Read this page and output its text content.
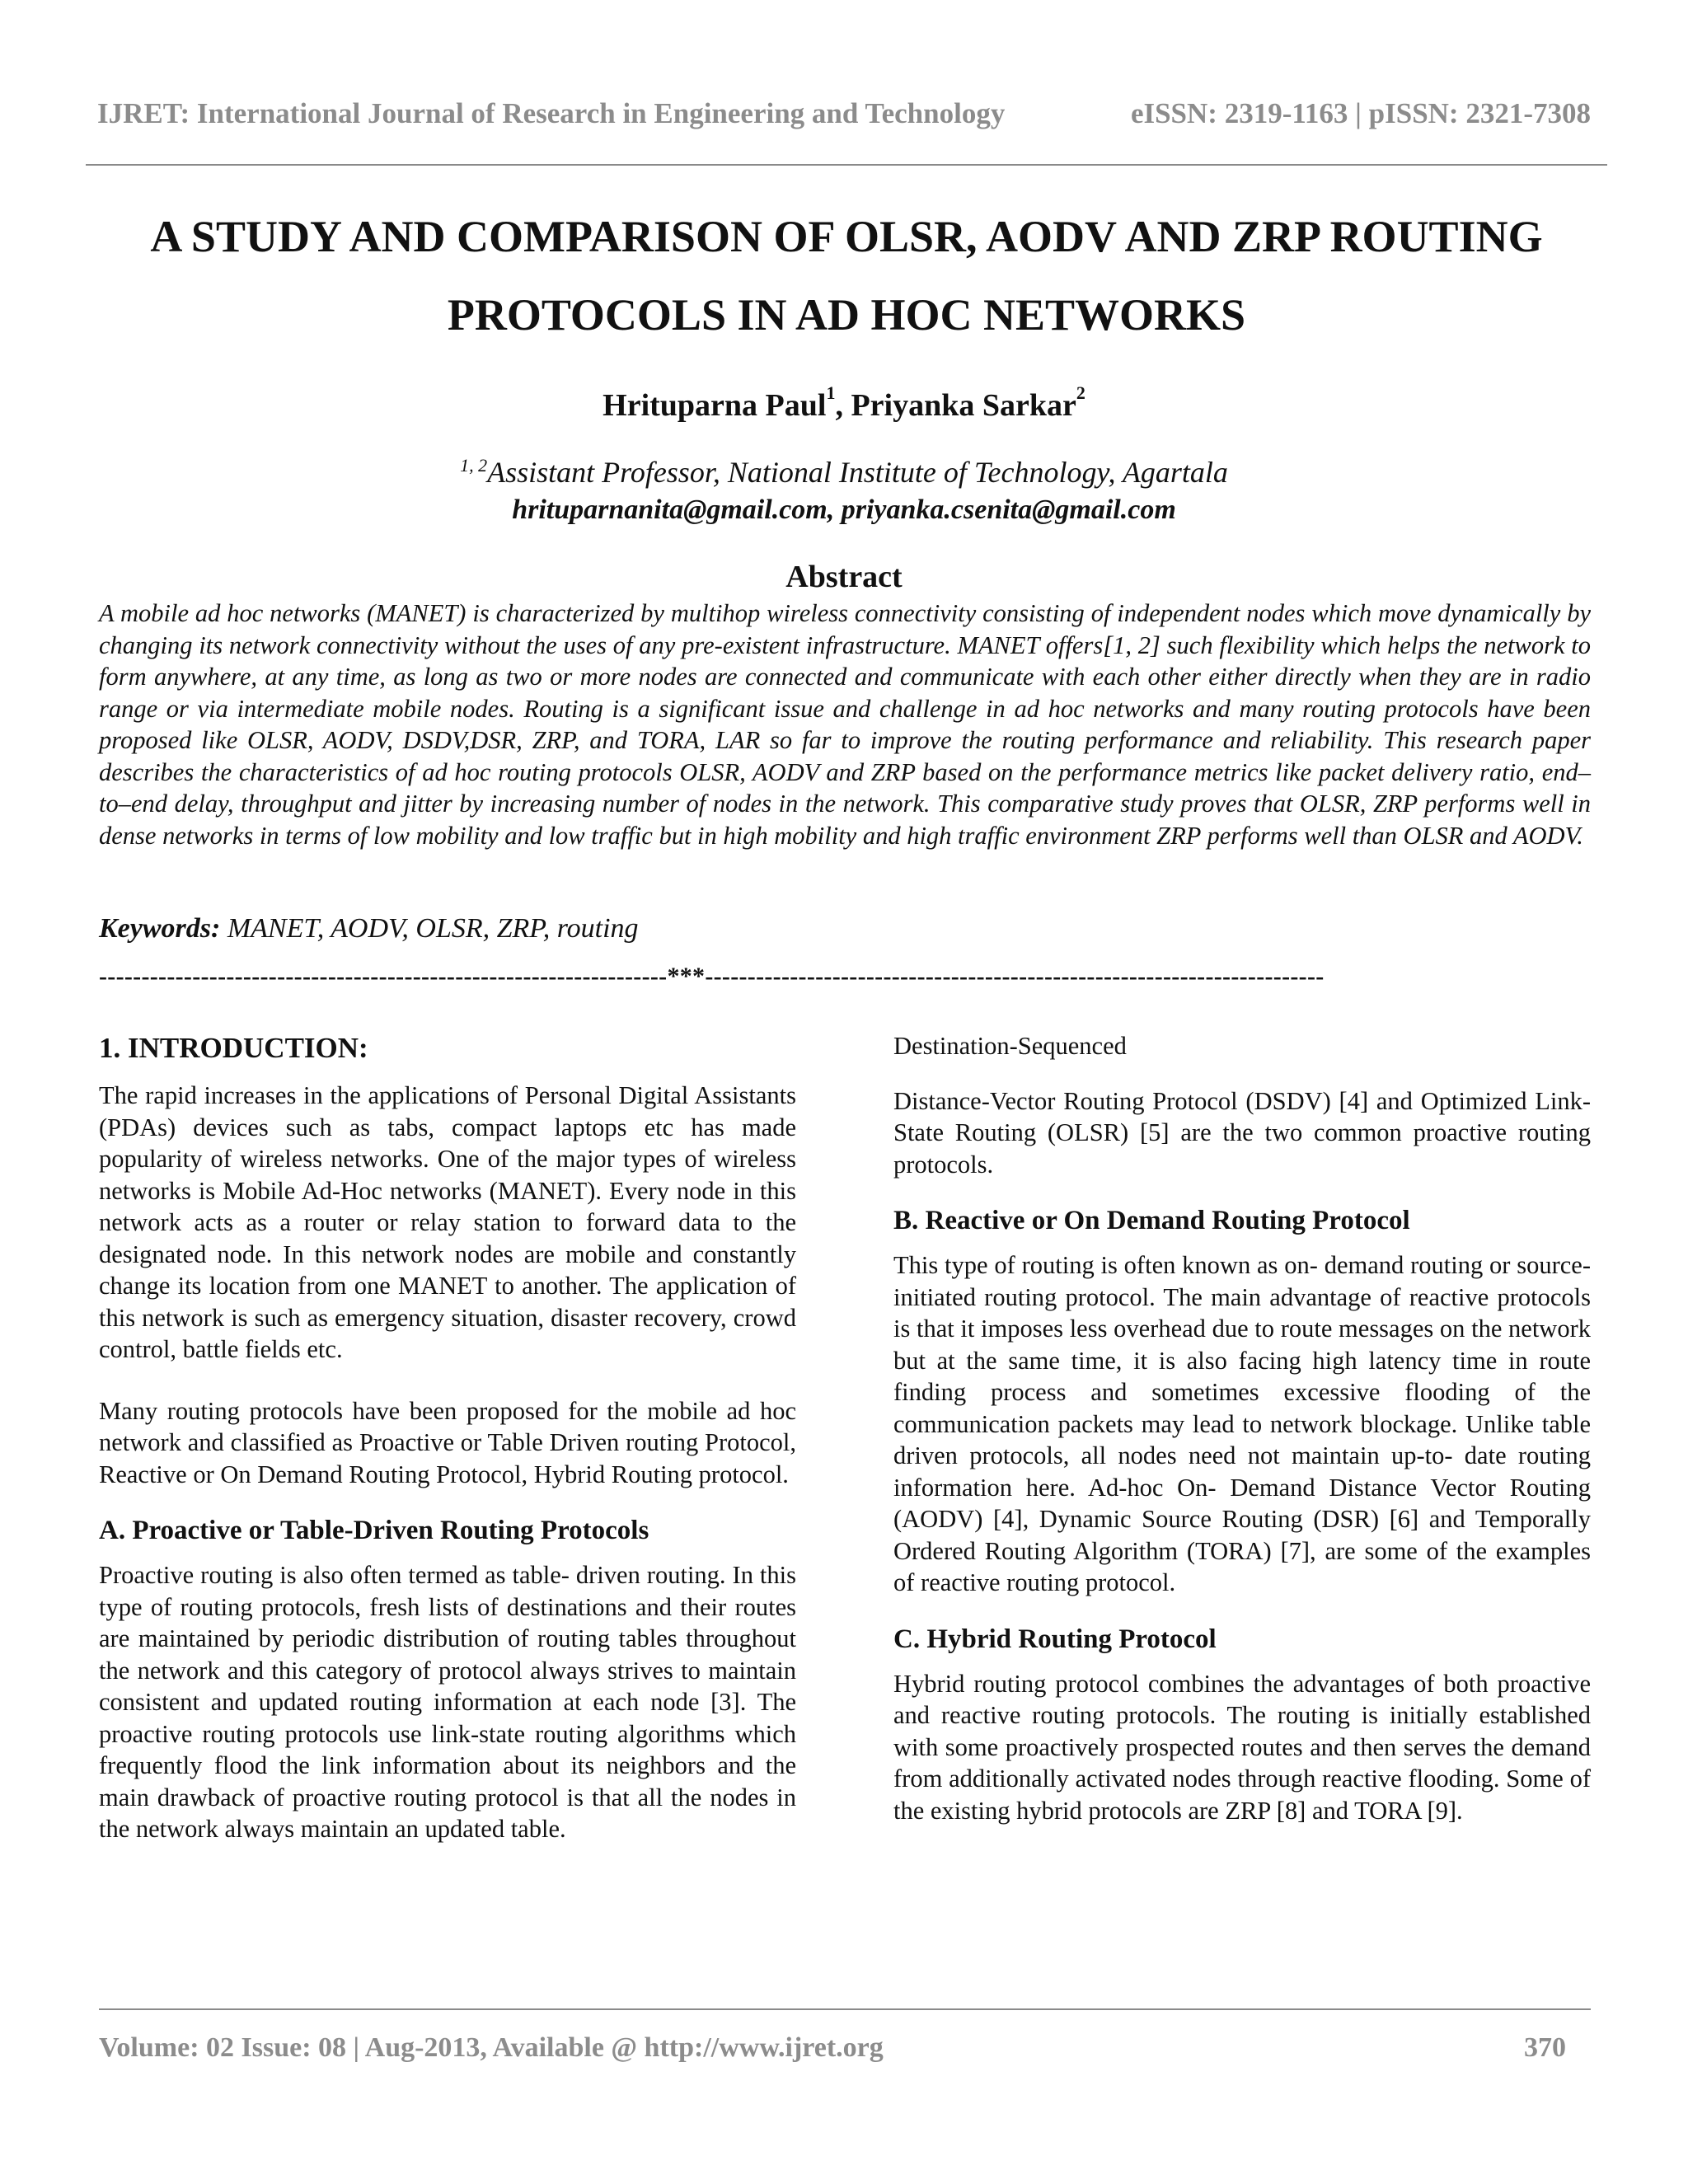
IJRET: International Journal of Research in Engineering and Technology	eISSN: 2319-1163 | pISSN: 2321-7308
A STUDY AND COMPARISON OF OLSR, AODV AND ZRP ROUTING
PROTOCOLS IN AD HOC NETWORKS
Hrituparna Paul$^1$, Priyanka Sarkar$^2$
$^{1, 2}$Assistant Professor, National Institute of Technology, Agartala
hrituparnanita@gmail.com, priyanka.csenita@gmail.com
Abstract

A mobile ad hoc networks (MANET) is characterized by multihop wireless connectivity consisting of independent nodes which move dynamically by changing its network connectivity without the uses of any pre-existent infrastructure. MANET offers[1, 2] such flexibility which helps the network to form anywhere, at any time, as long as two or more nodes are connected and communicate with each other either directly when they are in radio range or via intermediate mobile nodes. Routing is a significant issue and challenge in ad hoc networks and many routing protocols have been proposed like OLSR, AODV, DSDV,DSR, ZRP, and TORA, LAR so far to improve the routing performance and reliability. This research paper describes the characteristics of ad hoc routing protocols OLSR, AODV and ZRP based on the performance metrics like packet delivery ratio, end–to–end delay, throughput and jitter by increasing number of nodes in the network. This comparative study proves that OLSR, ZRP performs well in dense networks in terms of low mobility and low traffic but in high mobility and high traffic environment ZRP performs well than OLSR and AODV.

Keywords: MANET, AODV, OLSR, ZRP, routing
-------------------------------------------------------------------***-------------------------------------------------------------------------
1. INTRODUCTION:

The rapid increases in the applications of Personal Digital Assistants (PDAs) devices such as tabs, compact laptops etc has made popularity of wireless networks. One of the major types of wireless networks is Mobile Ad-Hoc networks (MANET). Every node in this network acts as a router or relay station to forward data to the designated node. In this network nodes are mobile and constantly change its location from one MANET to another. The application of this network is such as emergency situation, disaster recovery, crowd control, battle fields etc.

Many routing protocols have been proposed for the mobile ad hoc network and classified as Proactive or Table Driven routing Protocol, Reactive or On Demand Routing Protocol, Hybrid Routing protocol.

A. Proactive or Table-Driven Routing Protocols

Proactive routing is also often termed as table- driven routing. In this type of routing protocols, fresh lists of destinations and their routes are maintained by periodic distribution of routing tables throughout the network and this category of protocol always strives to maintain consistent and updated routing information at each node [3]. The proactive routing protocols use link-state routing algorithms which frequently flood the link information about its neighbors and the main drawback of proactive routing protocol is that all the nodes in the network always maintain an updated table.

Destination-Sequenced

Distance-Vector Routing Protocol (DSDV) [4] and Optimized Link-State Routing (OLSR) [5] are the two common proactive routing protocols.

B. Reactive or On Demand Routing Protocol

This type of routing is often known as on- demand routing or source-initiated routing protocol. The main advantage of reactive protocols is that it imposes less overhead due to route messages on the network but at the same time, it is also facing high latency time in route finding process and sometimes excessive flooding of the communication packets may lead to network blockage. Unlike table driven protocols, all nodes need not maintain up-to- date routing information here. Ad-hoc On- Demand Distance Vector Routing (AODV) [4], Dynamic Source Routing (DSR) [6] and Temporally Ordered Routing Algorithm (TORA) [7], are some of the examples of reactive routing protocol.

C. Hybrid Routing Protocol

Hybrid routing protocol combines the advantages of both proactive and reactive routing protocols. The routing is initially established with some proactively prospected routes and then serves the demand from additionally activated nodes through reactive flooding. Some of the existing hybrid protocols are ZRP [8] and TORA [9].

Volume: 02 Issue: 08 | Aug-2013, Available @ http://www.ijret.org	370
